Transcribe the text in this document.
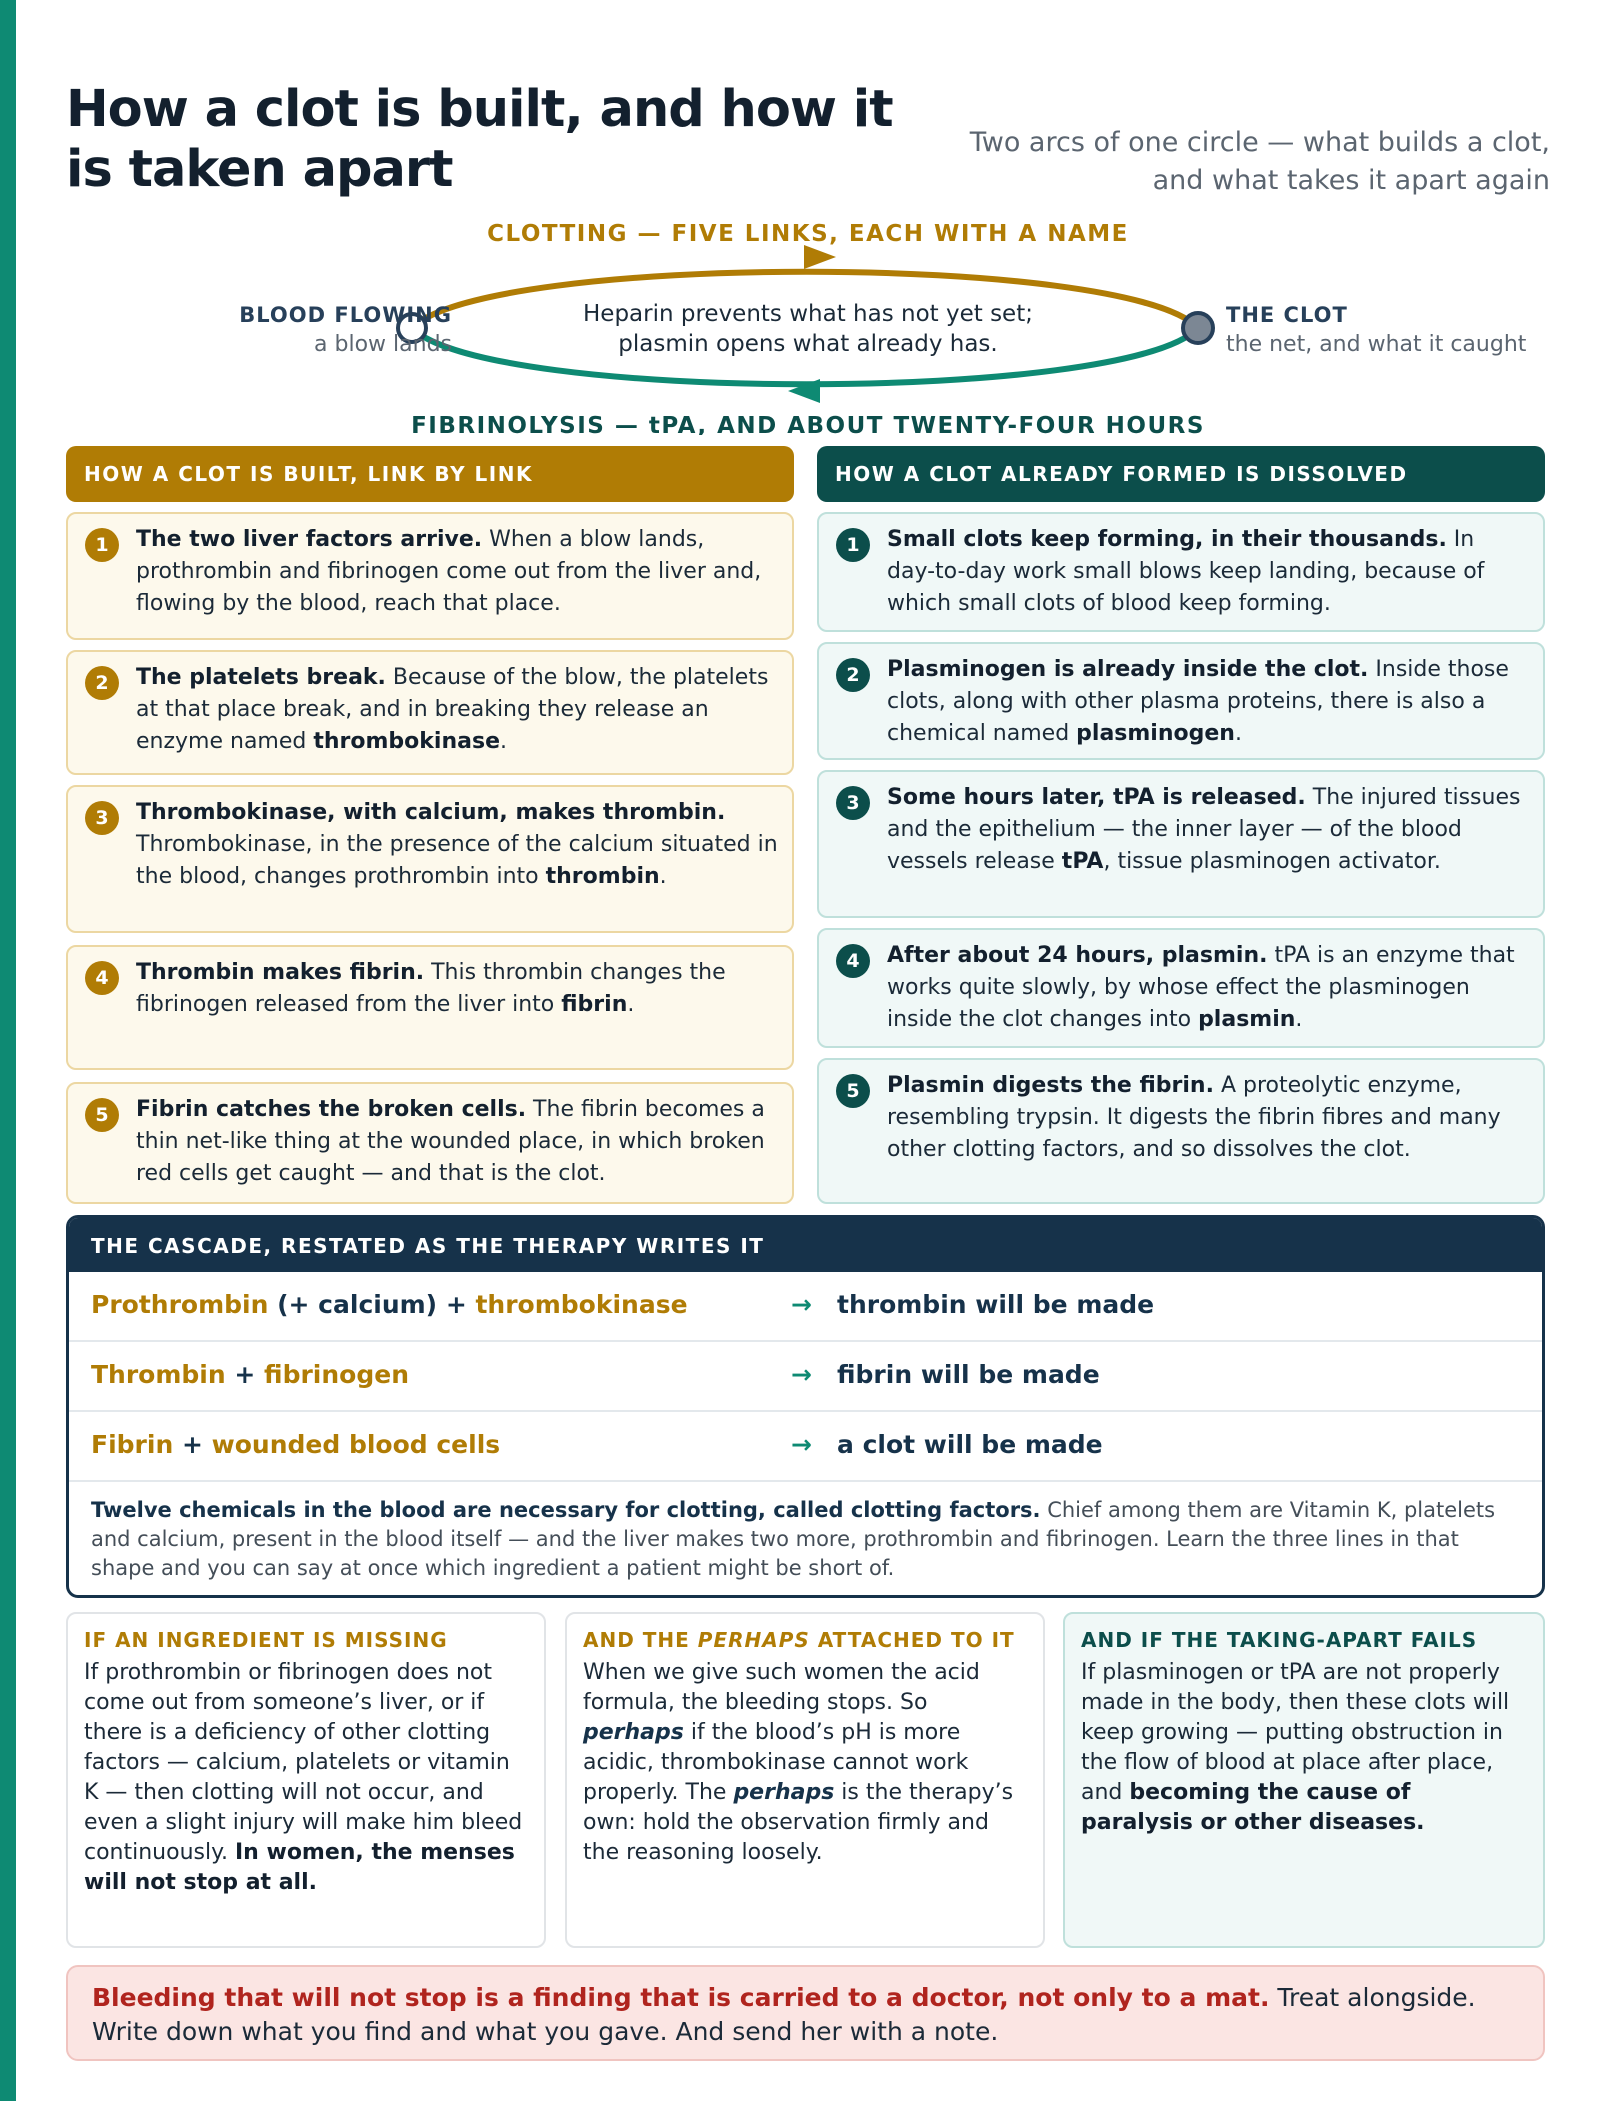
How a clot is built, and how it is taken apart	Two arcs of one circle — what builds a clot,
and what takes it apart again
CLOTTING — FIVE LINKS, EACH WITH A NAME
FIBRINOLYSIS — tPA, AND ABOUT TWENTY-FOUR HOURS
BLOOD FLOWING
a blow lands
THE CLOT
the net, and what it caught
Heparin prevents what has not yet set;
plasmin opens what already has.
HOW A CLOT IS BUILT, LINK BY LINK
1	The two liver factors arrive. When a blow lands, prothrombin and fibrinogen come out from the liver and, flowing by the blood, reach that place.
2	The platelets break. Because of the blow, the platelets at that place break, and in breaking they release an enzyme named thrombokinase.
3	Thrombokinase, with calcium, makes thrombin. Thrombokinase, in the presence of the calcium situated in the blood, changes prothrombin into thrombin.
4	Thrombin makes fibrin. This thrombin changes the fibrinogen released from the liver into fibrin.
5	Fibrin catches the broken cells. The fibrin becomes a thin net-like thing at the wounded place, in which broken red cells get caught — and that is the clot.
HOW A CLOT ALREADY FORMED IS DISSOLVED
1	Small clots keep forming, in their thousands. In day-to-day work small blows keep landing, because of which small clots of blood keep forming.
2	Plasminogen is already inside the clot. Inside those clots, along with other plasma proteins, there is also a chemical named plasminogen.
3	Some hours later, tPA is released. The injured tissues and the epithelium — the inner layer — of the blood vessels release tPA, tissue plasminogen activator.
4	After about 24 hours, plasmin. tPA is an enzyme that works quite slowly, by whose effect the plasminogen inside the clot changes into plasmin.
5	Plasmin digests the fibrin. A proteolytic enzyme, resembling trypsin. It digests the fibrin fibres and many other clotting factors, and so dissolves the clot.
THE CASCADE, RESTATED AS THE THERAPY WRITES IT
Prothrombin (+ calcium) + thrombokinase	→ thrombin will be made
Thrombin + fibrinogen	→ fibrin will be made
Fibrin + wounded blood cells	→ a clot will be made
Twelve chemicals in the blood are necessary for clotting, called clotting factors. Chief among them are Vitamin K, platelets and calcium, present in the blood itself — and the liver makes two more, prothrombin and fibrinogen. Learn the three lines in that shape and you can say at once which ingredient a patient might be short of.
IF AN INGREDIENT IS MISSING
If prothrombin or fibrinogen does not come out from someone’s liver, or if there is a deficiency of other clotting factors — calcium, platelets or vitamin K — then clotting will not occur, and even a slight injury will make him bleed continuously. In women, the menses will not stop at all.
AND THE PERHAPS ATTACHED TO IT
When we give such women the acid formula, the bleeding stops. So perhaps if the blood’s pH is more acidic, thrombokinase cannot work properly. The perhaps is the therapy’s own: hold the observation firmly and the reasoning loosely.
AND IF THE TAKING-APART FAILS
If plasminogen or tPA are not properly made in the body, then these clots will keep growing — putting obstruction in the flow of blood at place after place, and becoming the cause of paralysis or other diseases.
Bleeding that will not stop is a finding that is carried to a doctor, not only to a mat. Treat alongside. Write down what you find and what you gave. And send her with a note.
